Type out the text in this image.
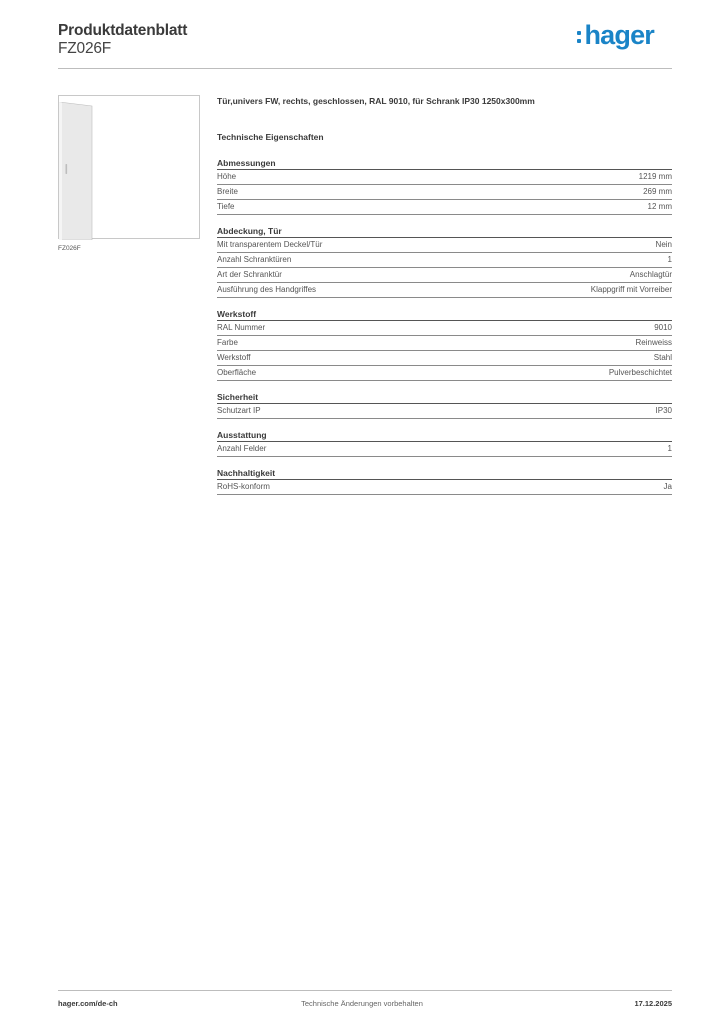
Produktdatenblatt
FZ026F	hager
FZ026F
Tür,univers FW, rechts, geschlossen, RAL 9010, für Schrank IP30 1250x300mm
Technische Eigenschaften
Abmessungen
Höhe	1219 mm
Breite	269 mm
Tiefe	12 mm
Abdeckung, Tür
Mit transparentem Deckel/Tür	Nein
Anzahl Schranktüren	1
Art der Schranktür	Anschlagtür
Ausführung des Handgriffes	Klappgriff mit Vorreiber
Werkstoff
RAL Nummer	9010
Farbe	Reinweiss
Werkstoff	Stahl
Oberfläche	Pulverbeschichtet
Sicherheit
Schutzart IP	IP30
Ausstattung
Anzahl Felder	1
Nachhaltigkeit
RoHS-konform	Ja
hager.com/de-ch	Technische Änderungen vorbehalten	17.12.2025
